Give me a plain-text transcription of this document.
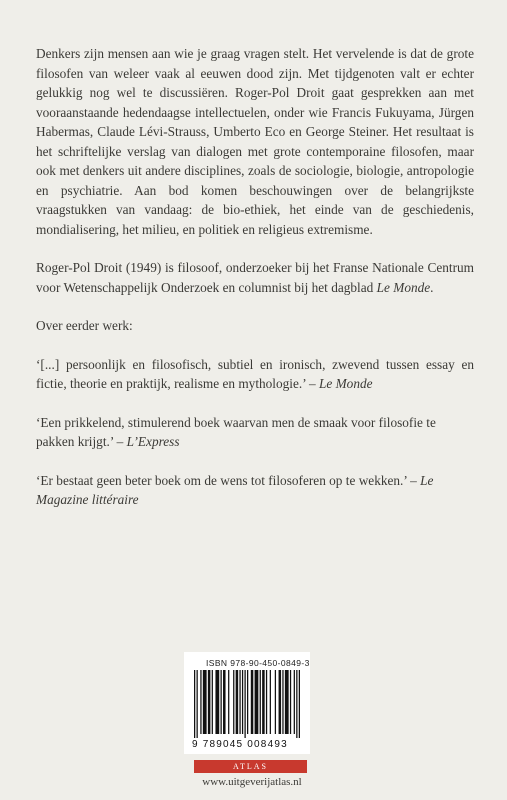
Denkers zijn mensen aan wie je graag vragen stelt. Het vervelende is dat de grote filosofen van weleer vaak al eeuwen dood zijn. Met tijdgenoten valt er echter gelukkig nog wel te discussiëren. Roger-Pol Droit gaat gesprekken aan met vooraanstaande hedendaagse intellectuelen, onder wie Francis Fukuyama, Jürgen Habermas, Claude Lévi-Strauss, Umberto Eco en George Steiner. Het resultaat is het schriftelijke verslag van dialogen met grote contemporaine filosofen, maar ook met denkers uit andere disciplines, zoals de sociologie, biologie, antropologie en psychiatrie. Aan bod komen beschouwingen over de belangrijkste vraagstukken van vandaag: de bio-ethiek, het einde van de geschiedenis, mondialisering, het milieu, en politiek en religieus extremisme.

Roger-Pol Droit (1949) is filosoof, onderzoeker bij het Franse Nationale Centrum voor Wetenschappelijk Onderzoek en columnist bij het dagblad Le Monde.

Over eerder werk:

‘[...] persoonlijk en filosofisch, subtiel en ironisch, zwevend tussen essay en fictie, theorie en praktijk, realisme en mythologie.’ – Le Monde

‘Een prikkelend, stimulerend boek waarvan men de smaak voor filosofie te pakken krijgt.’ – L’Express

‘Er bestaat geen beter boek om de wens tot filosoferen op te wekken.’ – Le Magazine littéraire

ISBN 978-90-450-0849-3
9 789045 008493
ATLAS
www.uitgeverijatlas.nl
